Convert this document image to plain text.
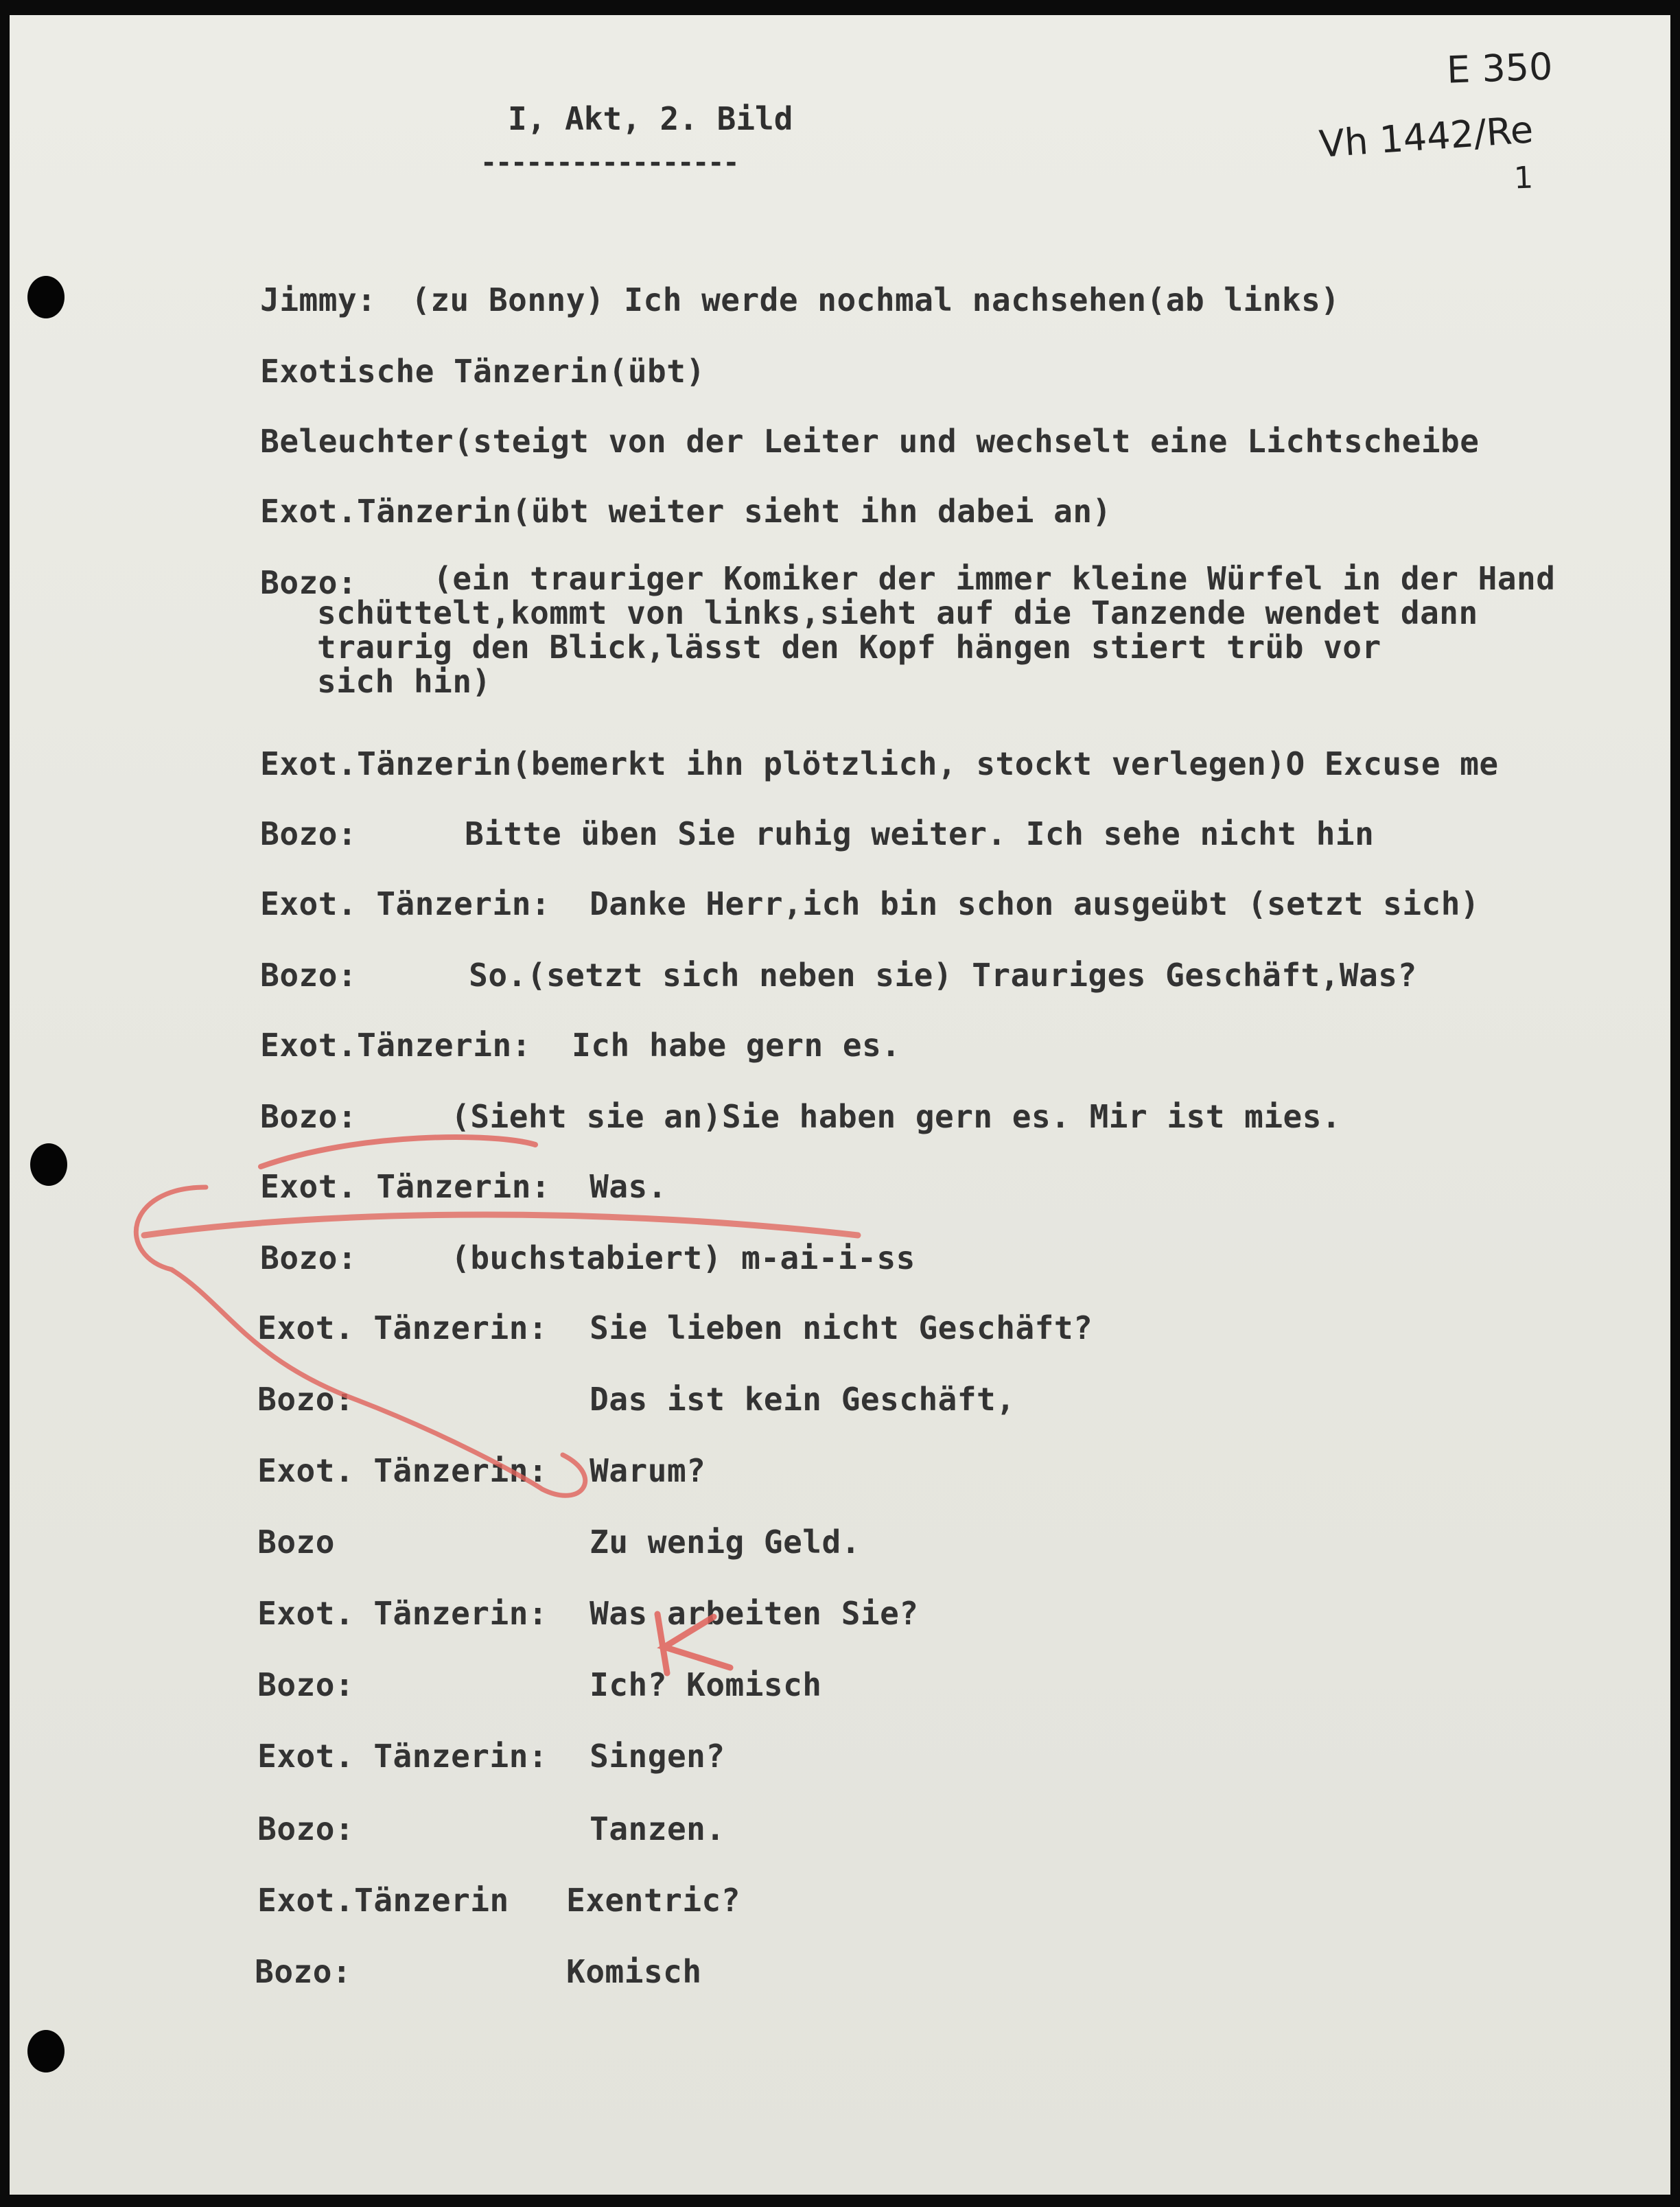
I, Akt, 2. Bild
-----------------
E 350
Vh 1442/Re
1

Jimmy:
	(zu Bonny) Ich werde nochmal nachsehen(ab links)

Exotische Tänzerin(übt)

Beleuchter(steigt von der Leiter und wechselt eine Lichtscheibe

Exot.Tänzerin(übt weiter sieht ihn dabei an)

Bozo:
	(ein trauriger Komiker der immer kleine Würfel in der Hand
schüttelt,kommt von links,sieht auf die Tanzende wendet dann
traurig den Blick,lässt den Kopf hängen stiert trüb vor
sich hin)

Exot.Tänzerin(bemerkt ihn plötzlich, stockt verlegen)O Excuse me

Bozo:
	Bitte üben Sie ruhig weiter. Ich sehe nicht hin

Exot. Tänzerin:
	Danke Herr,ich bin schon ausgeübt (setzt sich)

Bozo:
	So.(setzt sich neben sie) Trauriges Geschäft,Was?

Exot.Tänzerin:
	Ich habe gern es.

Bozo:
	(Sieht sie an)Sie haben gern es. Mir ist mies.

Exot. Tänzerin:
	Was.

Bozo:
	(buchstabiert) m-ai-i-ss

Exot. Tänzerin:
	Sie lieben nicht Geschäft?

Bozo:
	Das ist kein Geschäft,

Exot. Tänzerin:
	Warum?

Bozo
	Zu wenig Geld.

Exot. Tänzerin:
	Was arbeiten Sie?

Bozo:
	Ich? Komisch

Exot. Tänzerin:
	Singen?

Bozo:
	Tanzen.

Exot.Tänzerin
	Exentric?

Bozo:
	Komisch
